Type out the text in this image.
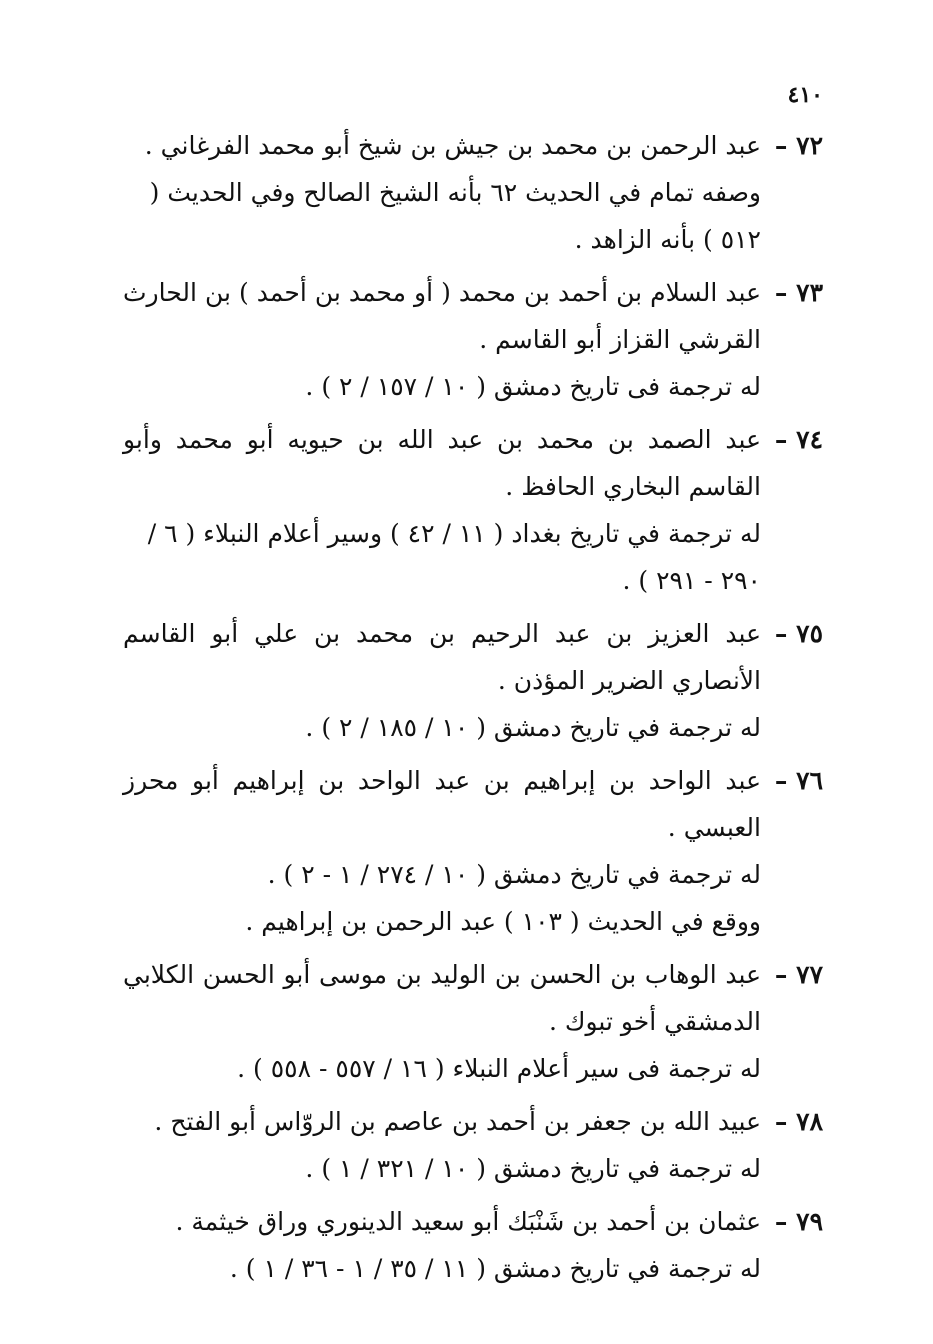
٤١٠
٧٢ –
عبد الرحمن بن محمد بن جيش بن شيخ أبو محمد الفرغاني .
وصفه تمام في الحديث ٦٢ بأنه الشيخ الصالح وفي الحديث ( ٥١٢ ) بأنه الزاهد .
٧٣ –
عبد السلام بن أحمد بن محمد ( أو محمد بن أحمد ) بن الحارث القرشي القزاز أبو القاسم .
له ترجمة فى تاريخ دمشق ( ١٠ / ١٥٧ / ٢ ) .
٧٤ –
عبد الصمد بن محمد بن عبد الله بن حيويه أبو محمد وأبو القاسم البخاري الحافظ .
له ترجمة في تاريخ بغداد ( ١١ / ٤٢ ) وسير أعلام النبلاء ( ٦ / ٢٩٠ - ٢٩١ ) .
٧٥ –
عبد العزيز بن عبد الرحيم بن محمد بن علي أبو القاسم الأنصاري الضرير المؤذن .
له ترجمة في تاريخ دمشق ( ١٠ / ١٨٥ / ٢ ) .
٧٦ –
عبد الواحد بن إبراهيم بن عبد الواحد بن إبراهيم أبو محرز العبسي .
له ترجمة في تاريخ دمشق ( ١٠ / ٢٧٤ / ١ - ٢ ) .
ووقع في الحديث ( ١٠٣ ) عبد الرحمن بن إبراهيم .
٧٧ –
عبد الوهاب بن الحسن بن الوليد بن موسى أبو الحسن الكلابي الدمشقي أخو تبوك .
له ترجمة فى سير أعلام النبلاء ( ١٦ / ٥٥٧ - ٥٥٨ ) .
٧٨ –
عبيد الله بن جعفر بن أحمد بن عاصم بن الروّاس أبو الفتح .
له ترجمة في تاريخ دمشق ( ١٠ / ٣٢١ / ١ ) .
٧٩ –
عثمان بن أحمد بن شَنْبَك أبو سعيد الدينوري وراق خيثمة .
له ترجمة في تاريخ دمشق ( ١١ / ٣٥ / ١ - ٣٦ / ١ ) .
